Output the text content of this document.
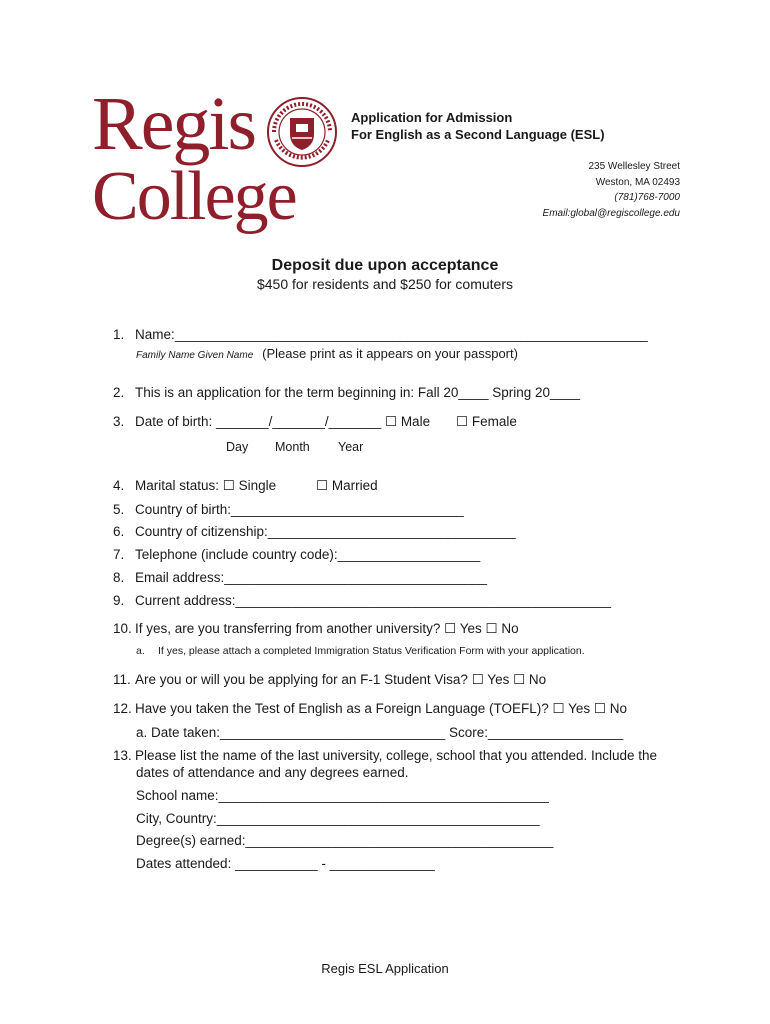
Regis
College
Application for Admission
For English as a Second Language (ESL)
235 Wellesley Street
Weston, MA 02493
(781)768-7000
Email:global@regiscollege.edu
Deposit due upon acceptance
$450 for residents and $250 for comuters
1. Name:_______________________________________________________________
Family Name Given Name (Please print as it appears on your passport)
2. This is an application for the term beginning in: Fall 20____ Spring 20____
3. Date of birth: _______/_______/_______ ☐ Male ☐ Female
Day Month Year
4. Marital status: ☐ Single	☐ Married
5. Country of birth:_______________________________
6. Country of citizenship:_________________________________
7. Telephone (include country code):___________________
8. Email address:___________________________________
9. Current address:__________________________________________________
10. If yes, are you transferring from another university? ☐ Yes ☐ No
a. If yes, please attach a completed Immigration Status Verification Form with your application.
11. Are you or will you be applying for an F-1 Student Visa? ☐ Yes ☐ No
12. Have you taken the Test of English as a Foreign Language (TOEFL)? ☐ Yes ☐ No
a. Date taken:______________________________ Score:__________________
13. Please list the name of the last university, college, school that you attended. Include the
dates of attendance and any degrees earned.
School name:____________________________________________
City, Country:___________________________________________
Degree(s) earned:_________________________________________
Dates attended: ___________ - ______________
Regis ESL Application
